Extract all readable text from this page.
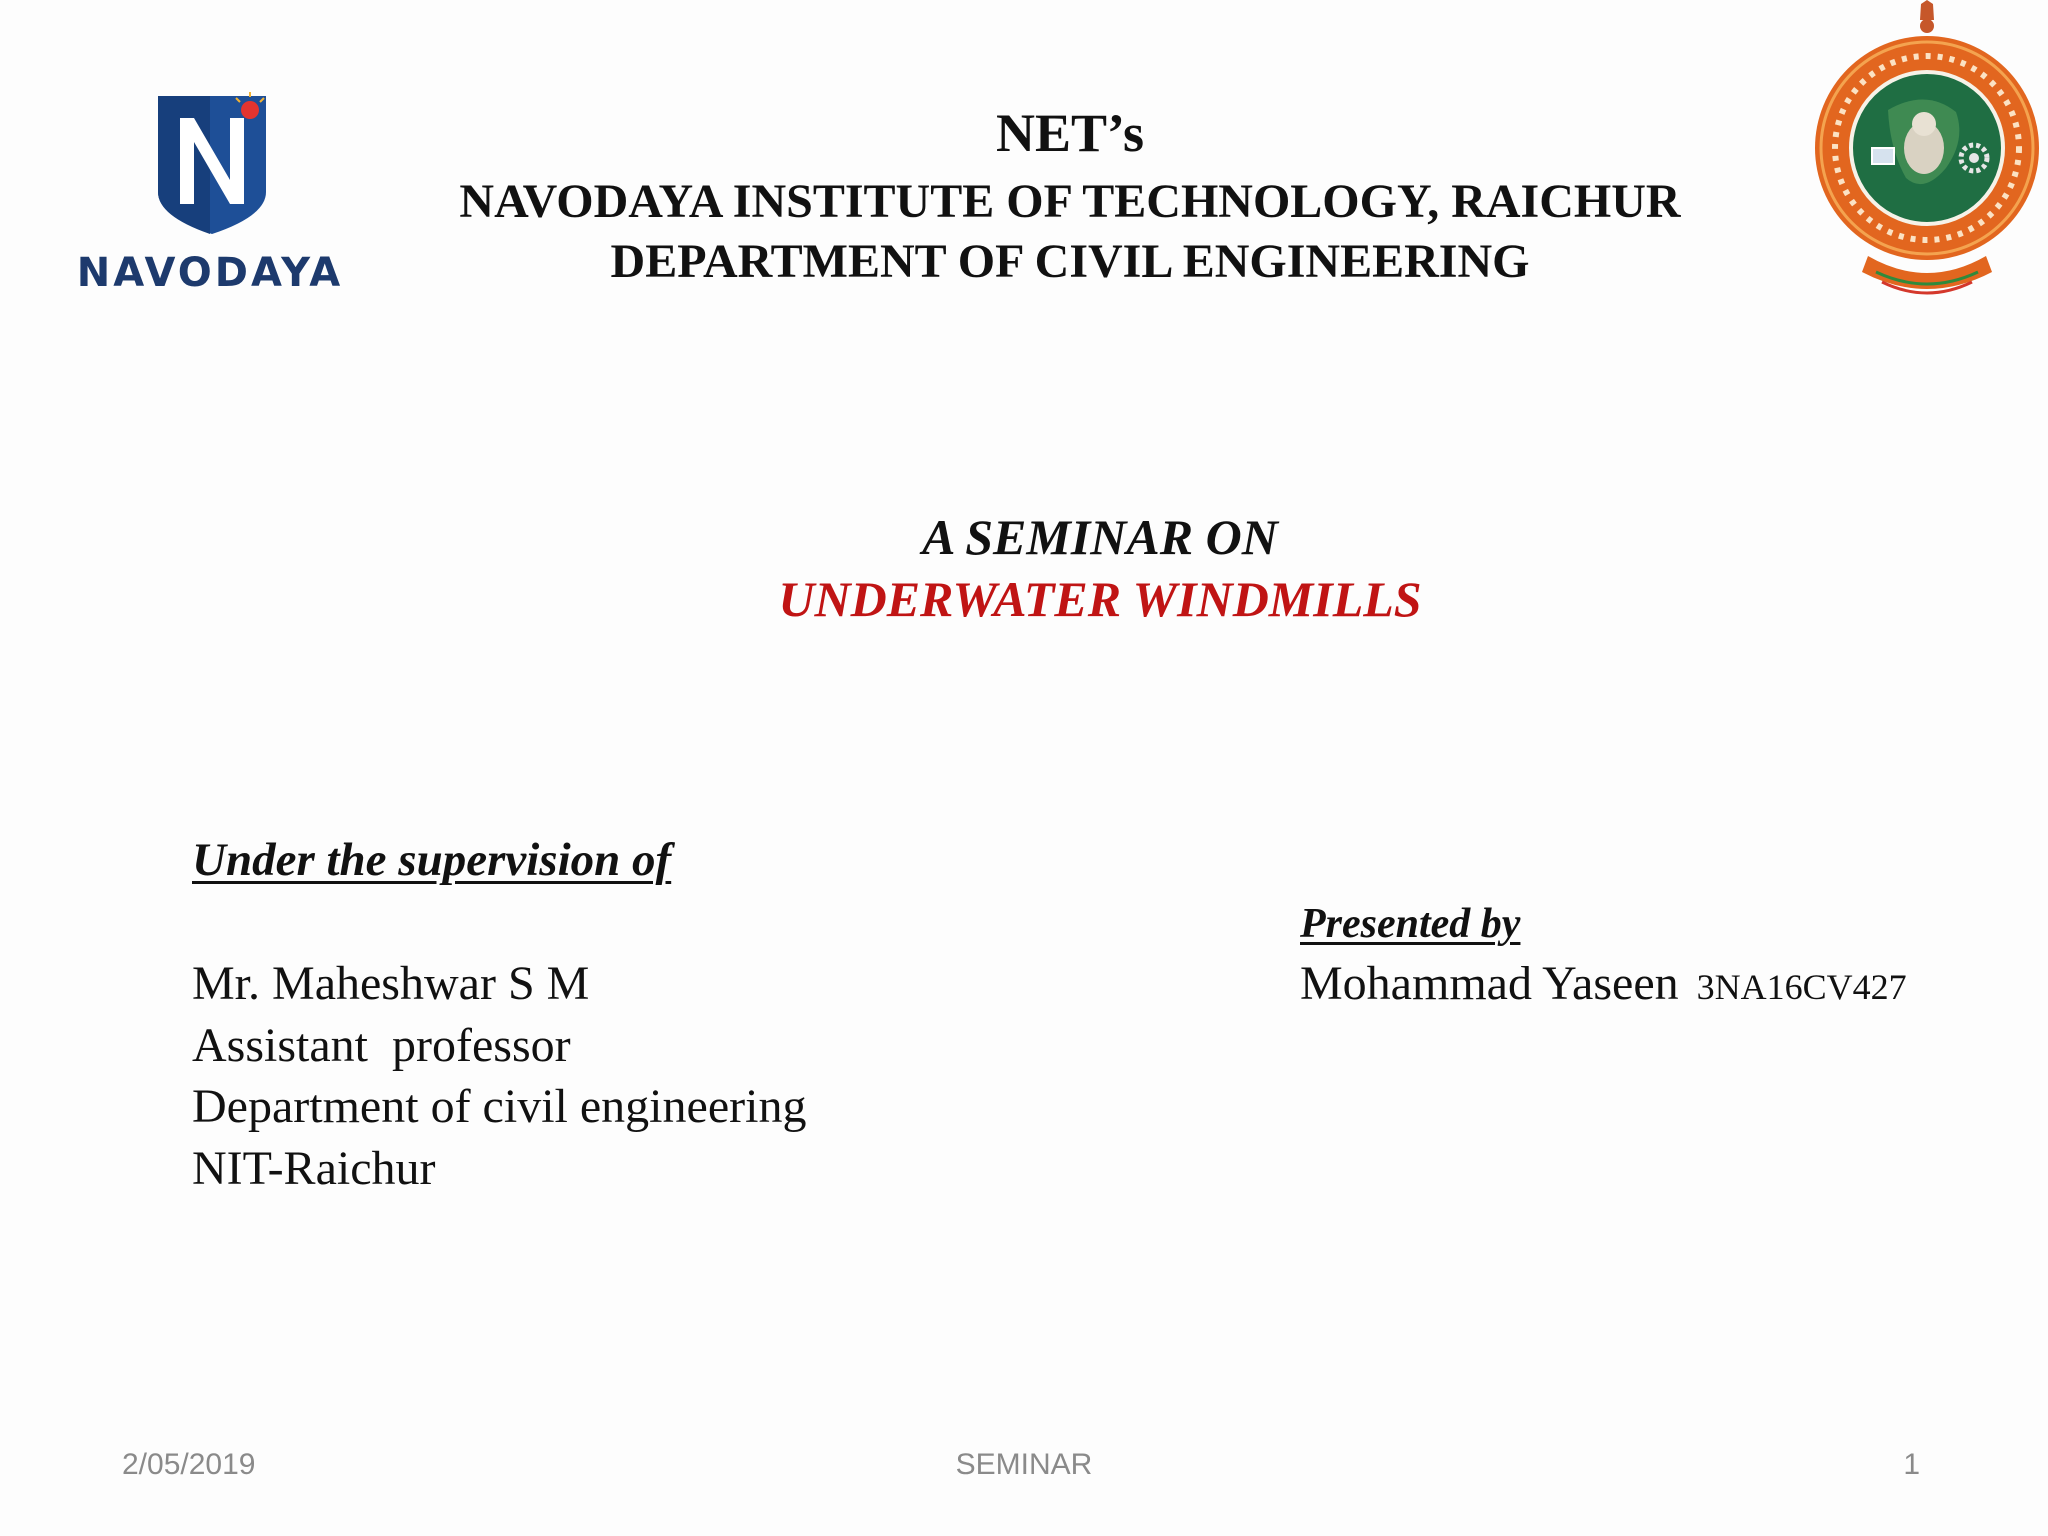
NAVODAYA
NET’s
NAVODAYA INSTITUTE OF TECHNOLOGY, RAICHUR
DEPARTMENT OF CIVIL ENGINEERING
A SEMINAR ON
UNDERWATER WINDMILLS
Under the supervision of
Mr. Maheshwar S M
Assistant  professor
Department of civil engineering
NIT-Raichur
Presented by
Mohammad Yaseen 3NA16CV427
2/05/2019	SEMINAR	1
